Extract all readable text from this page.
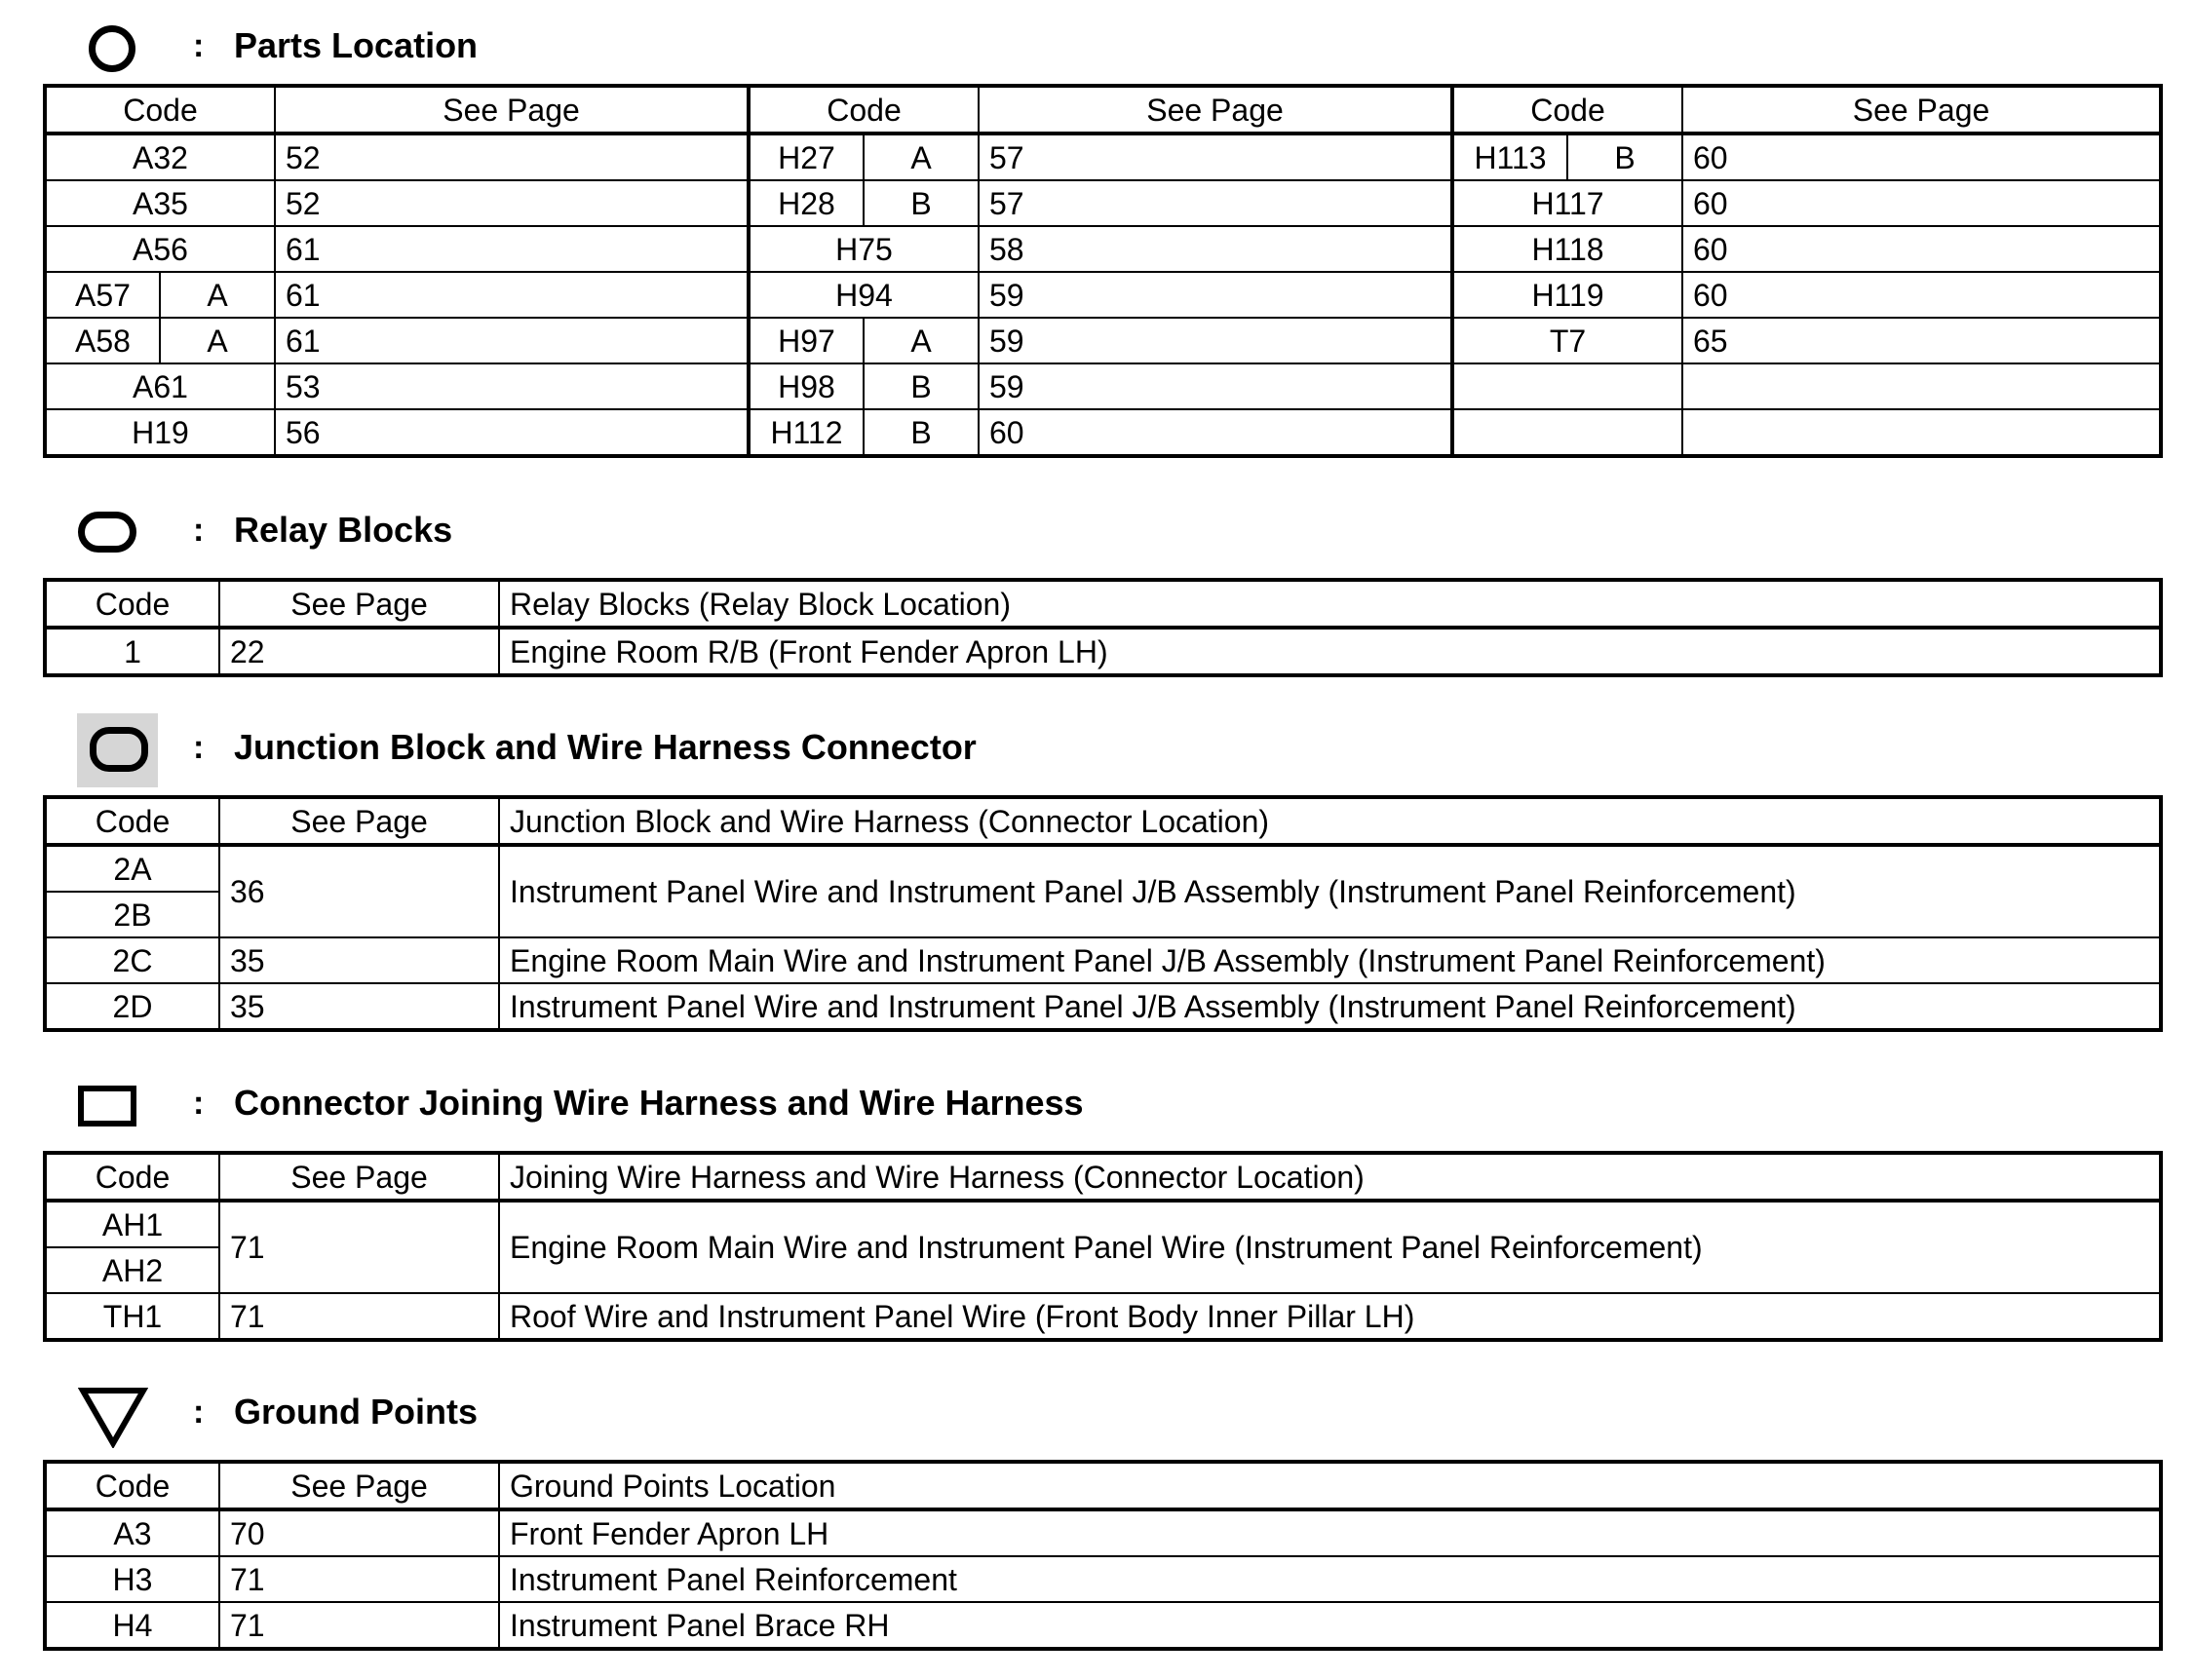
: Parts Location
Code		See Page	Code		See Page	Code		See Page
A32		52	H27	A	57	H113	B	60
A35		52	H28	B	57	H117		60
A56		61	H75		58	H118		60
A57	A	61	H94		59	H119		60
A58	A	61	H97	A	59	T7		65
A61		53	H98	B	59			
H19		56	H112	B	60			
: Relay Blocks
Code	See Page	Relay Blocks (Relay Block Location)
1	22	Engine Room R/B (Front Fender Apron LH)
: Junction Block and Wire Harness Connector
Code	See Page	Junction Block and Wire Harness (Connector Location)
2A	36	Instrument Panel Wire and Instrument Panel J/B Assembly (Instrument Panel Reinforcement)
2B		
2C	35	Engine Room Main Wire and Instrument Panel J/B Assembly (Instrument Panel Reinforcement)
2D	35	Instrument Panel Wire and Instrument Panel J/B Assembly (Instrument Panel Reinforcement)
: Connector Joining Wire Harness and Wire Harness
Code	See Page	Joining Wire Harness and Wire Harness (Connector Location)
AH1	71	Engine Room Main Wire and Instrument Panel Wire (Instrument Panel Reinforcement)
AH2		
TH1	71	Roof Wire and Instrument Panel Wire (Front Body Inner Pillar LH)
: Ground Points
Code	See Page	Ground Points Location
A3	70	Front Fender Apron LH
H3	71	Instrument Panel Reinforcement
H4	71	Instrument Panel Brace RH
